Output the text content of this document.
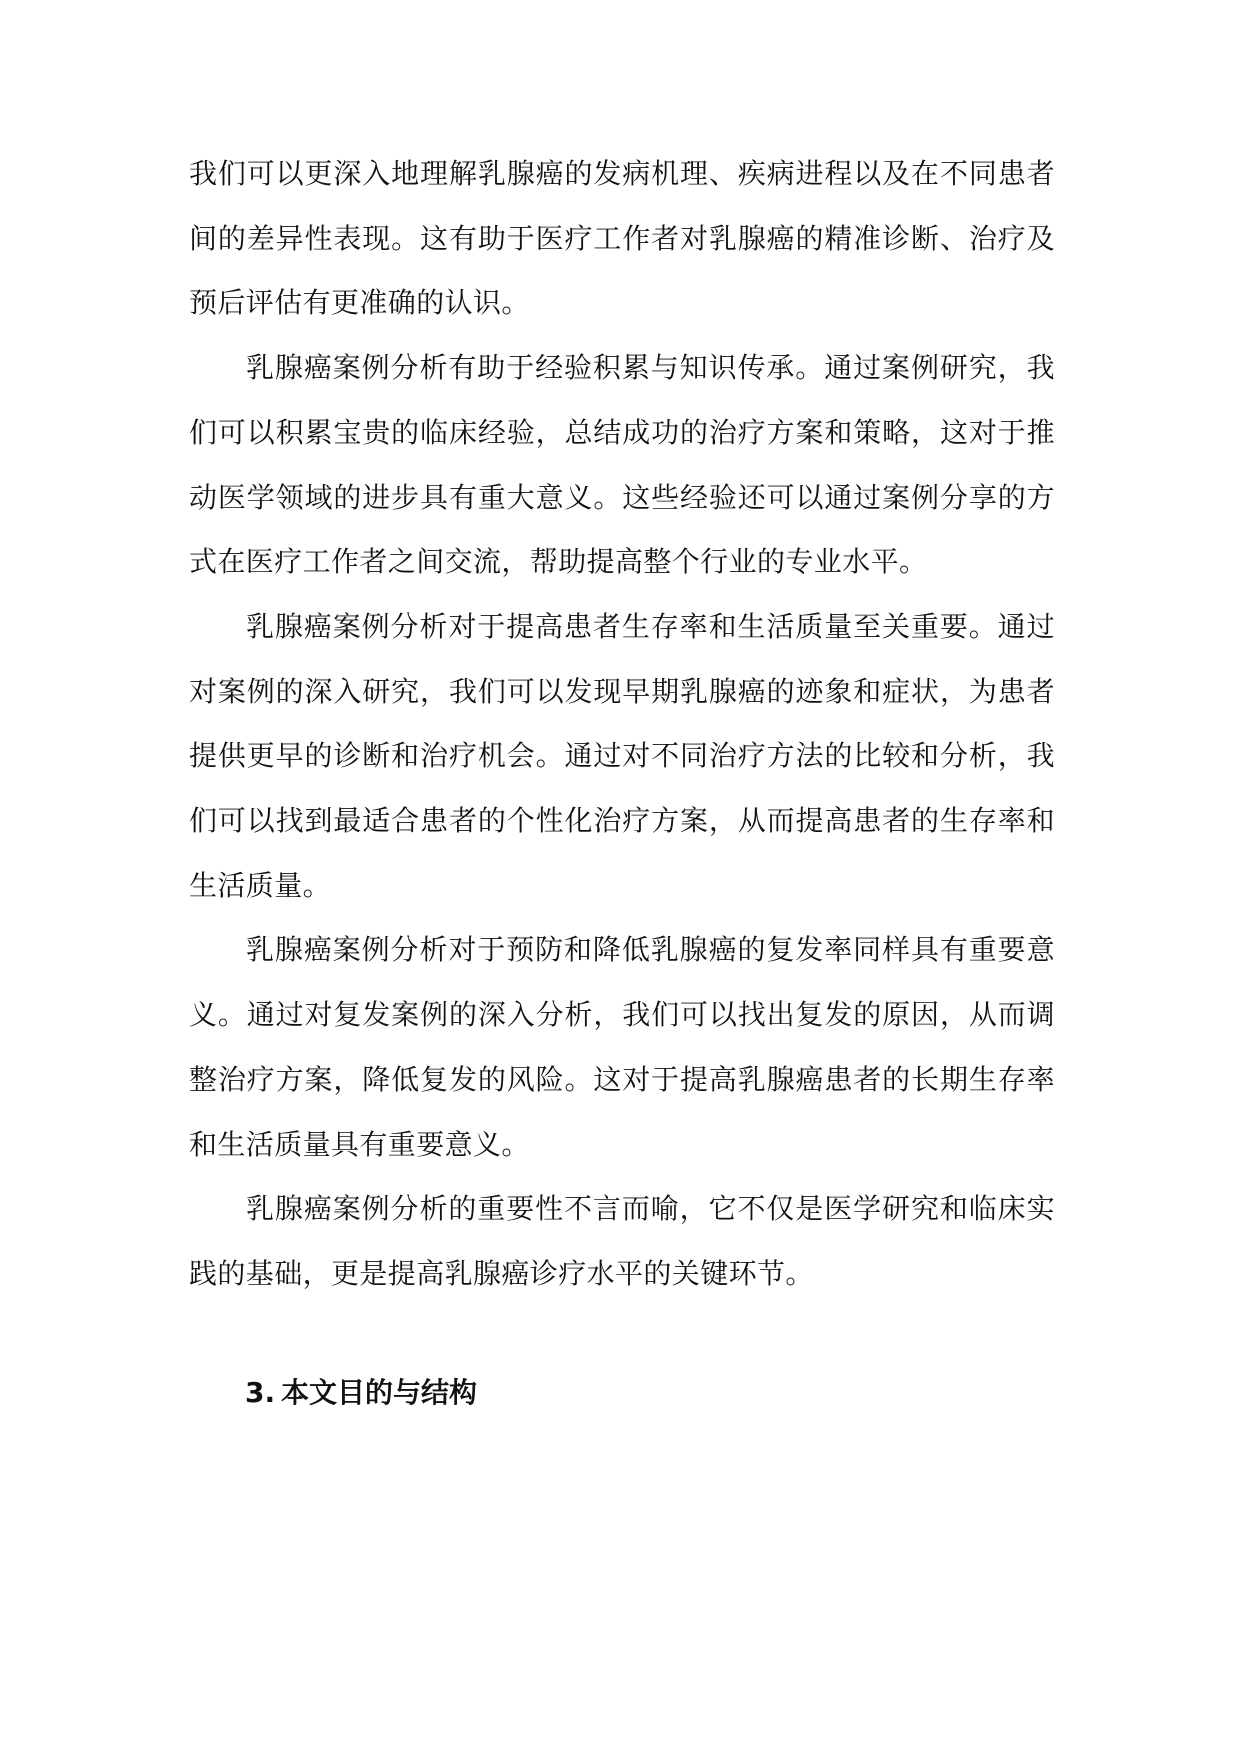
我们可以更深入地理解乳腺癌的发病机理、疾病进程以及在不同患者间的差异性表现。这有助于医疗工作者对乳腺癌的精准诊断、治疗及预后评估有更准确的认识。

乳腺癌案例分析有助于经验积累与知识传承。通过案例研究，我们可以积累宝贵的临床经验，总结成功的治疗方案和策略，这对于推动医学领域的进步具有重大意义。这些经验还可以通过案例分享的方式在医疗工作者之间交流，帮助提高整个行业的专业水平。

乳腺癌案例分析对于提高患者生存率和生活质量至关重要。通过对案例的深入研究，我们可以发现早期乳腺癌的迹象和症状，为患者提供更早的诊断和治疗机会。通过对不同治疗方法的比较和分析，我们可以找到最适合患者的个性化治疗方案，从而提高患者的生存率和生活质量。

乳腺癌案例分析对于预防和降低乳腺癌的复发率同样具有重要意义。通过对复发案例的深入分析，我们可以找出复发的原因，从而调整治疗方案，降低复发的风险。这对于提高乳腺癌患者的长期生存率和生活质量具有重要意义。

乳腺癌案例分析的重要性不言而喻，它不仅是医学研究和临床实践的基础，更是提高乳腺癌诊疗水平的关键环节。

3. 本文目的与结构
